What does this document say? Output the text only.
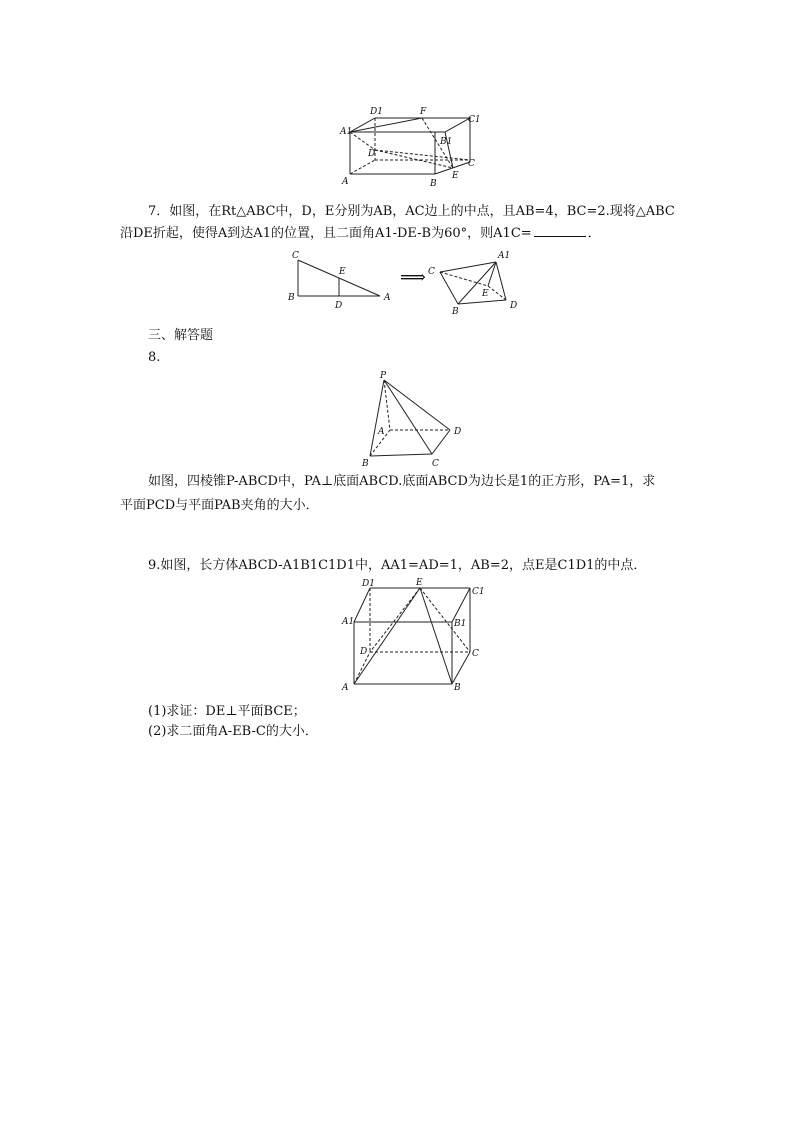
D1	F
C1
A1
B1
D
C
A	B
E
7．如图，在Rt△ABC中，D，E分别为AB，AC边上的中点，且AB=4，BC=2.现将△ABC
沿DE折起，使得A到达A1的位置，且二面角A1-DE-B为60°，则A1C=	．
C
E
B
D
A
⟹
A1
C
E
B
D
三、解答题
8.
P
A	D
B	C
如图，四棱锥P-ABCD中，PA⊥底面ABCD.底面ABCD为边长是1的正方形，PA=1，求
平面PCD与平面PAB夹角的大小．
9.如图，长方体ABCD-A1B1C1D1中，AA1=AD=1，AB=2，点E是C1D1的中点．
D1	E
C1
A1	B1
D	C
A	B
(1)求证：DE⊥平面BCE；
(2)求二面角A-EB-C的大小．
